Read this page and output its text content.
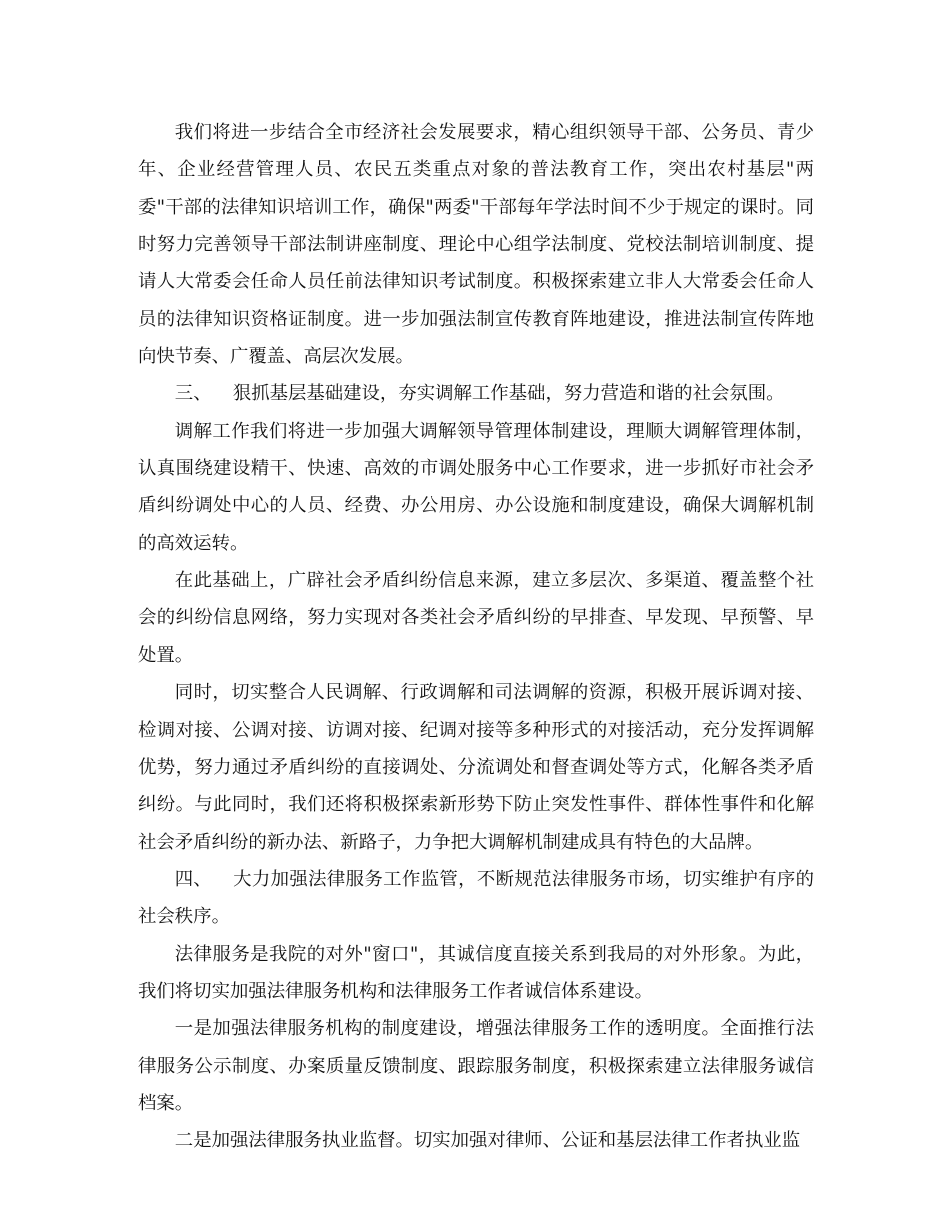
我们将进一步结合全市经济社会发展要求，精心组织领导干部、公务员、青少年、企业经营管理人员、农民五类重点对象的普法教育工作，突出农村基层"两委"干部的法律知识培训工作，确保"两委"干部每年学法时间不少于规定的课时。同时努力完善领导干部法制讲座制度、理论中心组学法制度、党校法制培训制度、提请人大常委会任命人员任前法律知识考试制度。积极探索建立非人大常委会任命人员的法律知识资格证制度。进一步加强法制宣传教育阵地建设，推进法制宣传阵地向快节奏、广覆盖、高层次发展。

三、 狠抓基层基础建设，夯实调解工作基础，努力营造和谐的社会氛围。

调解工作我们将进一步加强大调解领导管理体制建设，理顺大调解管理体制，认真围绕建设精干、快速、高效的市调处服务中心工作要求，进一步抓好市社会矛盾纠纷调处中心的人员、经费、办公用房、办公设施和制度建设，确保大调解机制的高效运转。

在此基础上，广辟社会矛盾纠纷信息来源，建立多层次、多渠道、覆盖整个社会的纠纷信息网络，努力实现对各类社会矛盾纠纷的早排查、早发现、早预警、早处置。

同时，切实整合人民调解、行政调解和司法调解的资源，积极开展诉调对接、检调对接、公调对接、访调对接、纪调对接等多种形式的对接活动，充分发挥调解优势，努力通过矛盾纠纷的直接调处、分流调处和督查调处等方式，化解各类矛盾纠纷。与此同时，我们还将积极探索新形势下防止突发性事件、群体性事件和化解社会矛盾纠纷的新办法、新路子，力争把大调解机制建成具有特色的大品牌。

四、 大力加强法律服务工作监管，不断规范法律服务市场，切实维护有序的社会秩序。

法律服务是我院的对外"窗口"，其诚信度直接关系到我局的对外形象。为此，我们将切实加强法律服务机构和法律服务工作者诚信体系建设。

一是加强法律服务机构的制度建设，增强法律服务工作的透明度。全面推行法律服务公示制度、办案质量反馈制度、跟踪服务制度，积极探索建立法律服务诚信档案。

二是加强法律服务执业监督。切实加强对律师、公证和基层法律工作者执业监
